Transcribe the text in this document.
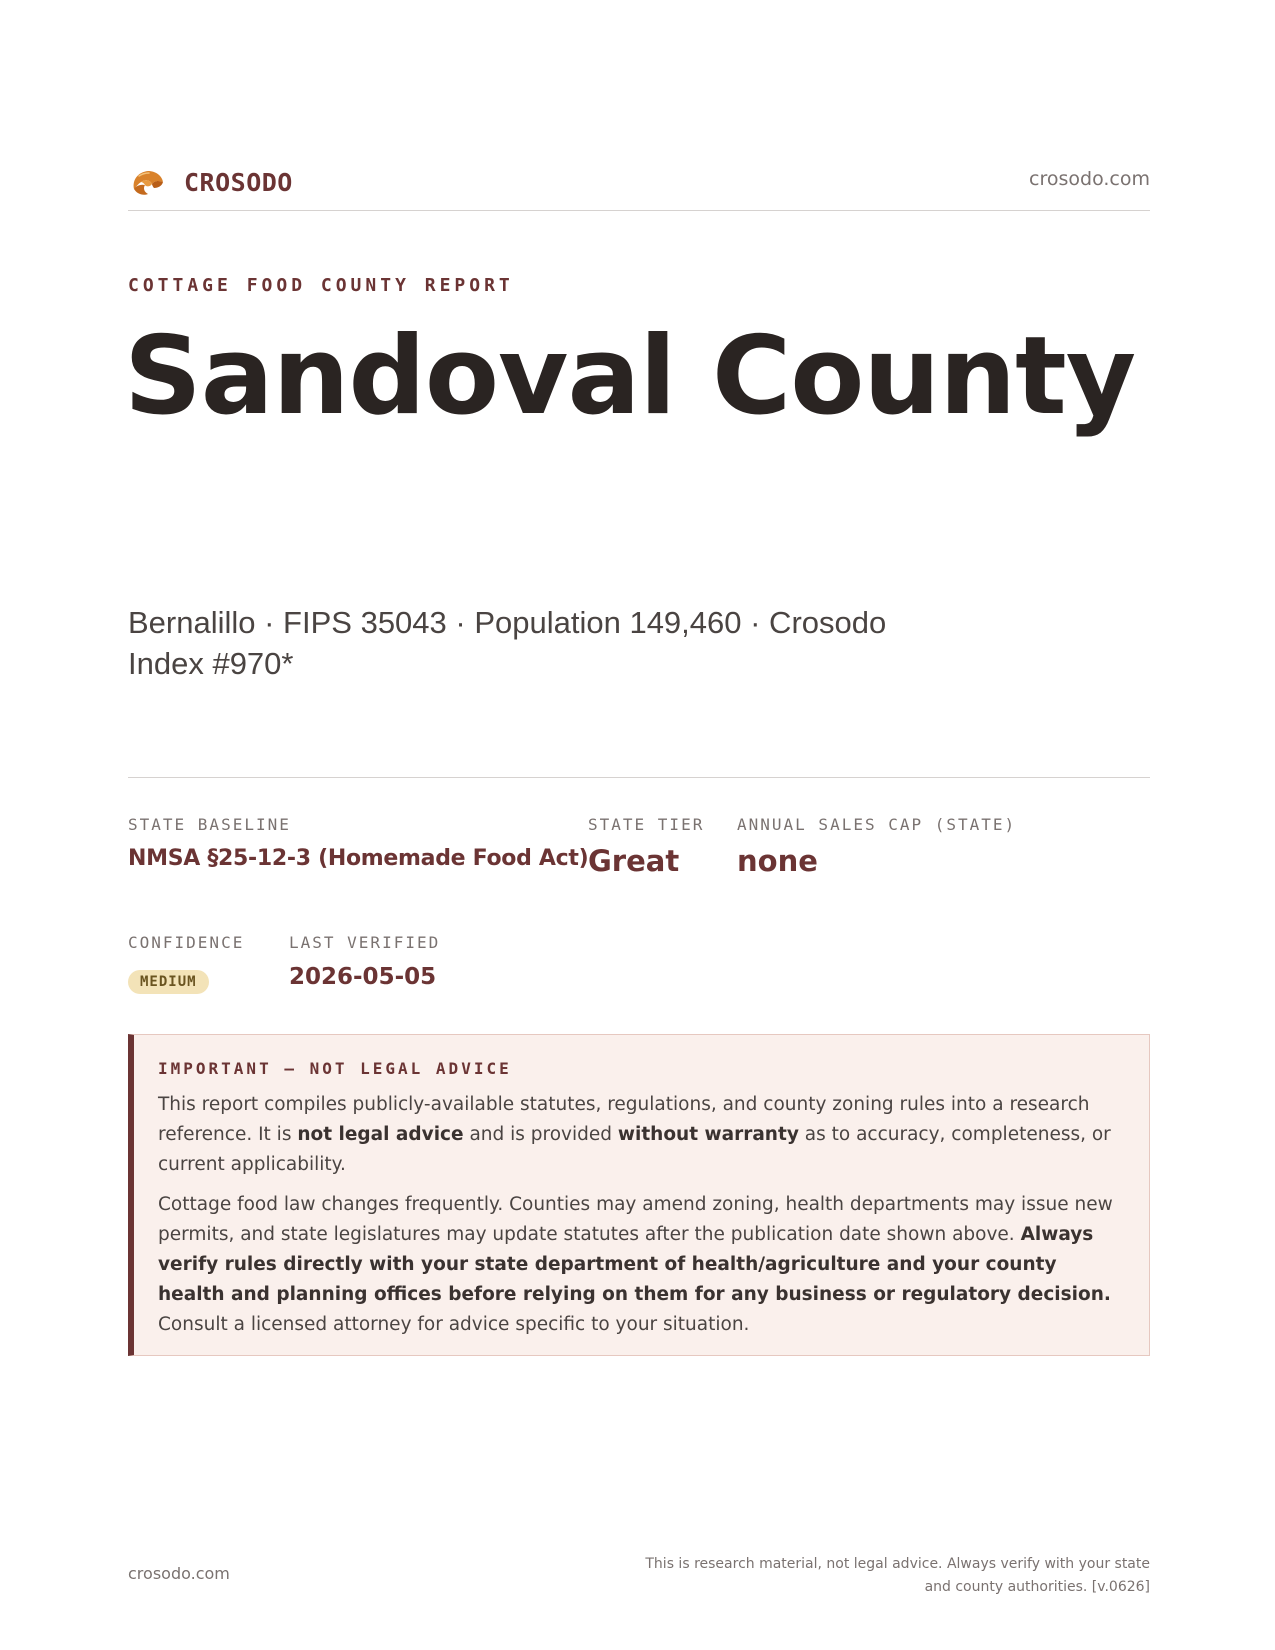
CROSODO	crosodo.com
COTTAGE FOOD COUNTY REPORT
Sandoval County
Bernalillo · FIPS 35043 · Population 149,460 · Crosodo Index #970*
STATE BASELINE
NMSA §25-12-3 (Homemade Food Act)
STATE TIER
Great
ANNUAL SALES CAP (STATE)
none
CONFIDENCE
MEDIUM
LAST VERIFIED
2026-05-05
IMPORTANT — NOT LEGAL ADVICE

This report compiles publicly-available statutes, regulations, and county zoning rules into a research reference. It is not legal advice and is provided without warranty as to accuracy, completeness, or current applicability.

Cottage food law changes frequently. Counties may amend zoning, health departments may issue new permits, and state legislatures may update statutes after the publication date shown above. Always verify rules directly with your state department of health/agriculture and your county health and planning offices before relying on them for any business or regulatory decision. Consult a licensed attorney for advice specific to your situation.

crosodo.com	This is research material, not legal advice. Always verify with your state
and county authorities. [v.0626]
